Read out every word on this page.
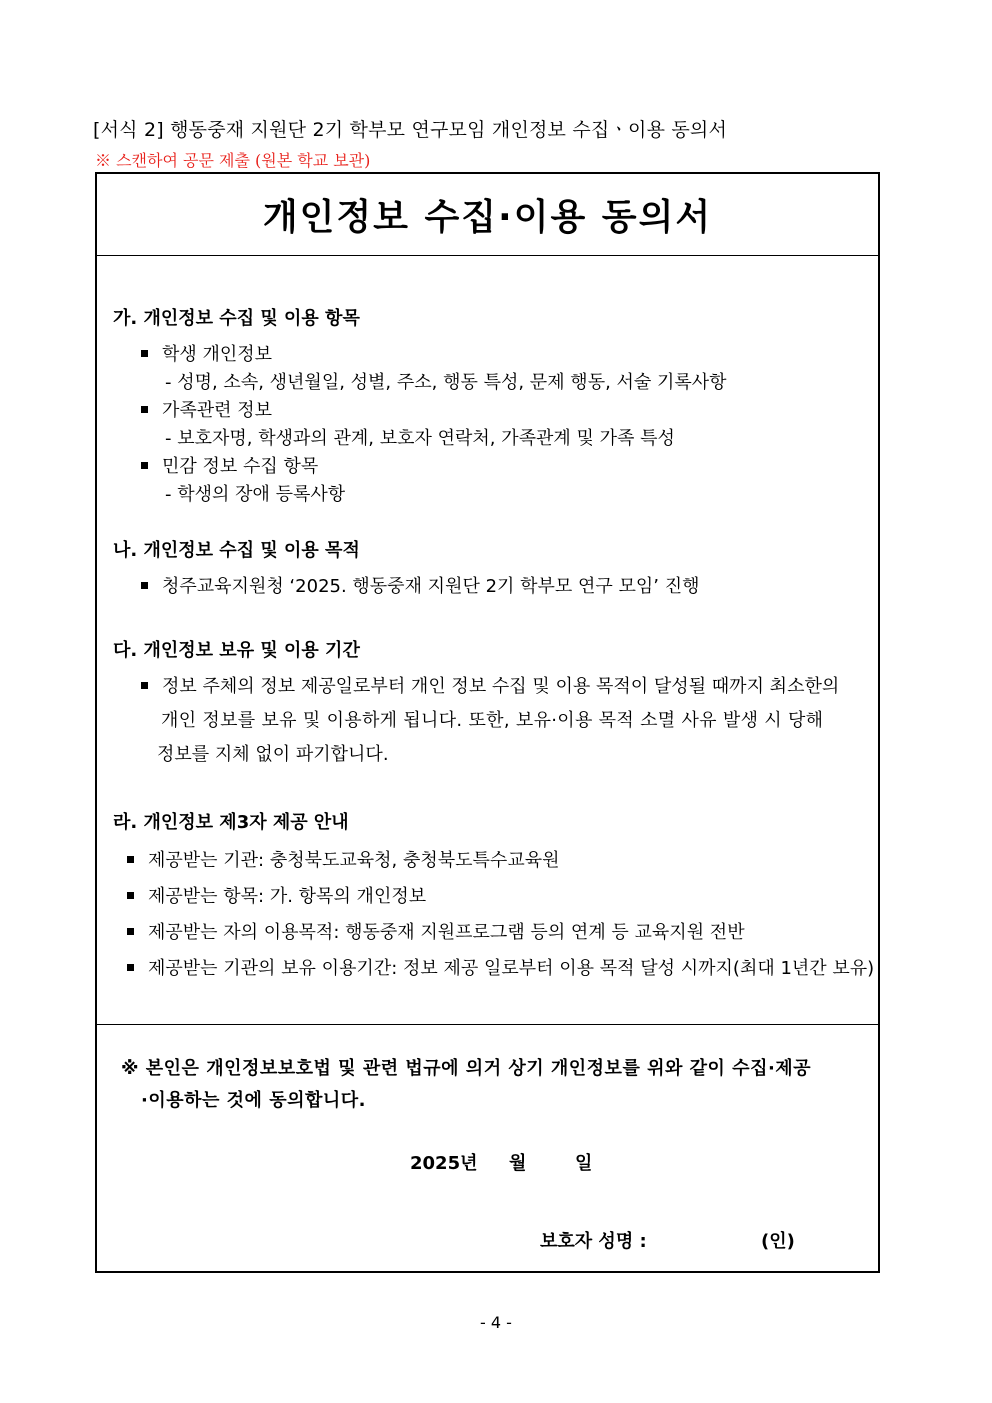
[서식 2] 행동중재 지원단 2기 학부모 연구모임 개인정보 수집ㆍ이용 동의서
※ 스캔하여 공문 제출 (원본 학교 보관)
개인정보 수집·이용 동의서
가. 개인정보 수집 및 이용 항목
학생 개인정보
- 성명, 소속, 생년월일, 성별, 주소, 행동 특성, 문제 행동, 서술 기록사항
가족관련 정보
- 보호자명, 학생과의 관계, 보호자 연락처, 가족관계 및 가족 특성
민감 정보 수집 항목
- 학생의 장애 등록사항
나. 개인정보 수집 및 이용 목적
청주교육지원청 ‘2025. 행동중재 지원단 2기 학부모 연구 모임’ 진행
다. 개인정보 보유 및 이용 기간
정보 주체의 정보 제공일로부터 개인 정보 수집 및 이용 목적이 달성될 때까지 최소한의
개인 정보를 보유 및 이용하게 됩니다. 또한, 보유·이용 목적 소멸 사유 발생 시 당해
정보를 지체 없이 파기합니다.
라. 개인정보 제3자 제공 안내
제공받는 기관: 충청북도교육청, 충청북도특수교육원
제공받는 항목: 가. 항목의 개인정보
제공받는 자의 이용목적: 행동중재 지원프로그램 등의 연계 등 교육지원 전반
제공받는 기관의 보유 이용기간: 정보 제공 일로부터 이용 목적 달성 시까지(최대 1년간 보유)
※ 본인은 개인정보보호법 및 관련 법규에 의거 상기 개인정보를 위와 같이 수집·제공
·이용하는 것에 동의합니다.
2025년 월	일
보호자 성명 :	(인)
- 4 -
